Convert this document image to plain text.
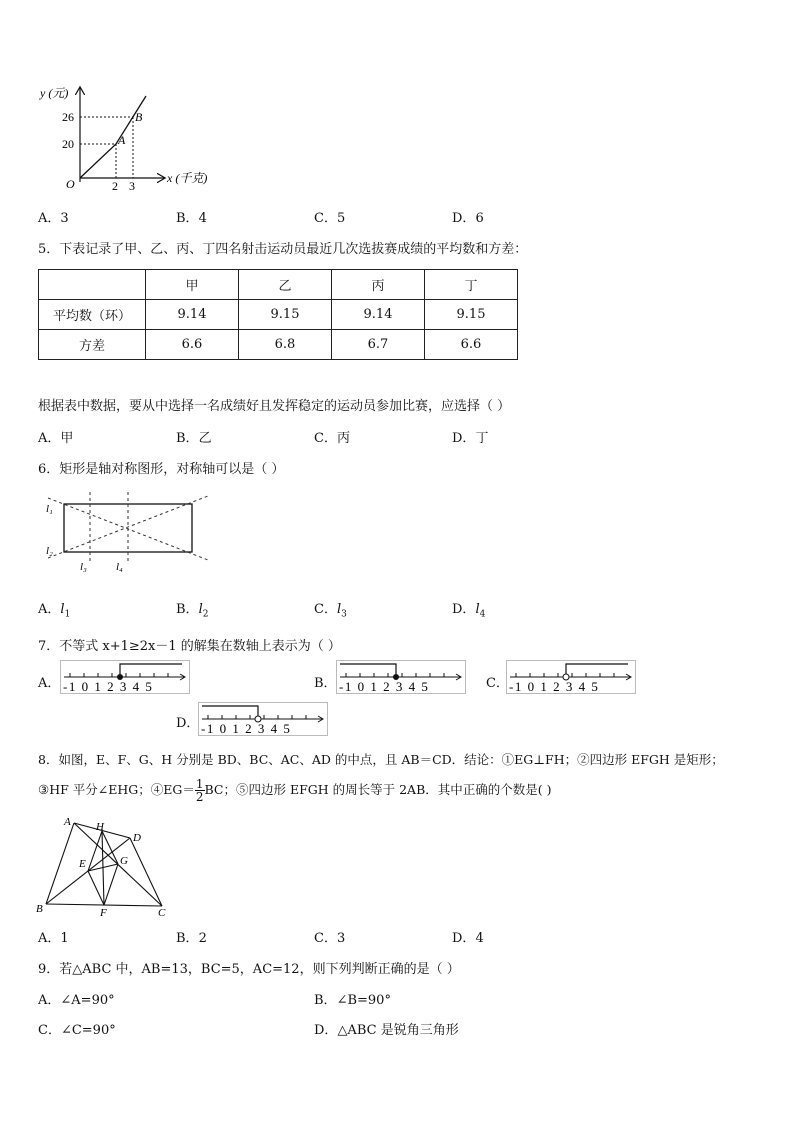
y (元)
x (千克)
O
26
20
2 3
A
B
A．3	B．4	C．5	D．6
5．下表记录了甲、乙、丙、丁四名射击运动员最近几次选拔赛成绩的平均数和方差：
	甲	乙	丙	丁
平均数（环）	9.14	9.15	9.14	9.15
方差	6.6	6.8	6.7	6.6
根据表中数据，要从中选择一名成绩好且发挥稳定的运动员参加比赛，应选择（ ）
A．甲	B．乙	C．丙	D．丁
6．矩形是轴对称图形，对称轴可以是（ ）
l₁
l₂
l₃	l₄
A．$l_1$	B．$l_2$	C．$l_3$	D．$l_4$
7．不等式 x+1≥2x－1 的解集在数轴上表示为（ ）
A． -1 0 1 2 3 4 5	B． -1 0 1 2 3 4 5	C． -1 0 1 2 3 4 5
D． -1 0 1 2 3 4 5
8．如图，E、F、G、H 分别是 BD、BC、AC、AD 的中点，且 AB＝CD．结论：①EG⊥FH；②四边形 EFGH 是矩形；
③HF 平分∠EHG；④EG＝ $\frac{1}{2}$ BC；⑤四边形 EFGH 的周长等于 2AB．其中正确的个数是( )
A H
D
E	G
B	F	C
A．1	B．2	C．3	D．4
9．若△ABC 中，AB=13，BC=5，AC=12，则下列判断正确的是（ ）
A．∠A=90°	B．∠B=90°
C．∠C=90°	D．△ABC 是锐角三角形
